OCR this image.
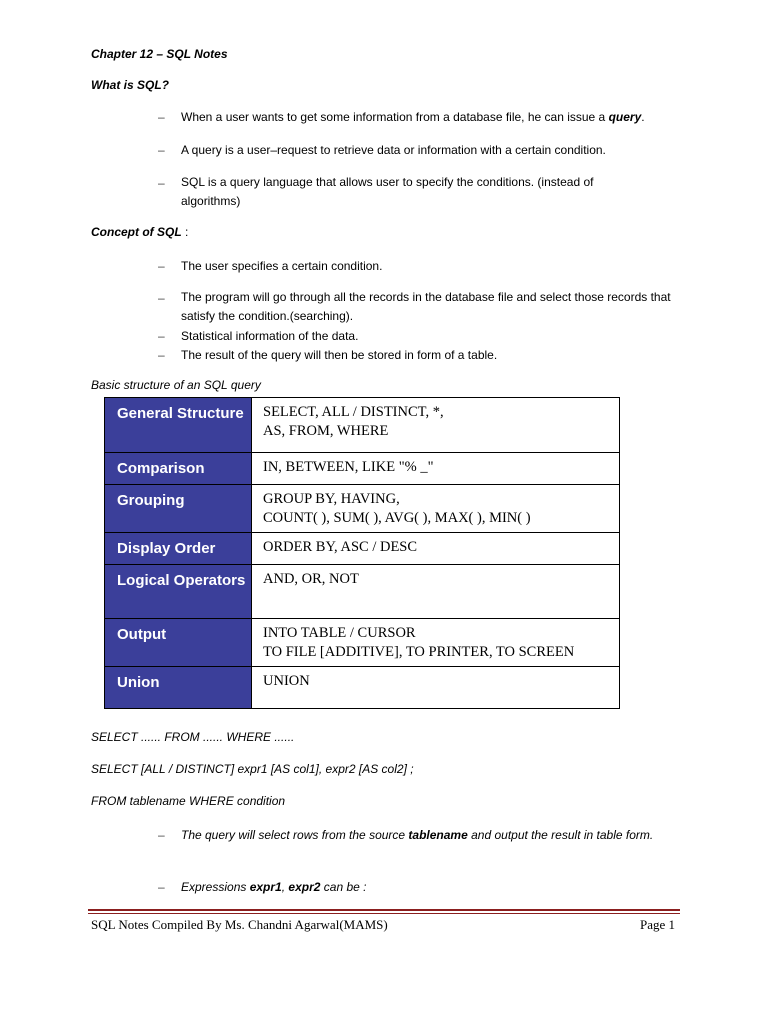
Chapter 12 – SQL Notes
What is SQL?
– When a user wants to get some information from a database file, he can issue a query.
– A query is a user–request to retrieve data or information with a certain condition.
– SQL is a query language that allows user to specify the conditions. (instead of algorithms)
Concept of SQL :
– The user specifies a certain condition.
– The program will go through all the records in the database file and select those records that satisfy the condition.(searching).
– Statistical information of the data.
– The result of the query will then be stored in form of a table.
Basic structure of an SQL query
General Structure	SELECT, ALL / DISTINCT, *,
AS, FROM, WHERE
Comparison	IN, BETWEEN, LIKE "% _"
Grouping	GROUP BY, HAVING,
COUNT( ), SUM( ), AVG( ), MAX( ), MIN( )
Display Order	ORDER BY, ASC / DESC
Logical Operators	AND, OR, NOT
Output	INTO TABLE / CURSOR
TO FILE [ADDITIVE], TO PRINTER, TO SCREEN
Union	UNION
SELECT ...... FROM ...... WHERE ......
SELECT [ALL / DISTINCT] expr1 [AS col1], expr2 [AS col2] ;
FROM tablename WHERE condition
– The query will select rows from the source tablename and output the result in table form.
– Expressions expr1, expr2 can be :
SQL Notes Compiled By Ms. Chandni Agarwal(MAMS)	Page 1
